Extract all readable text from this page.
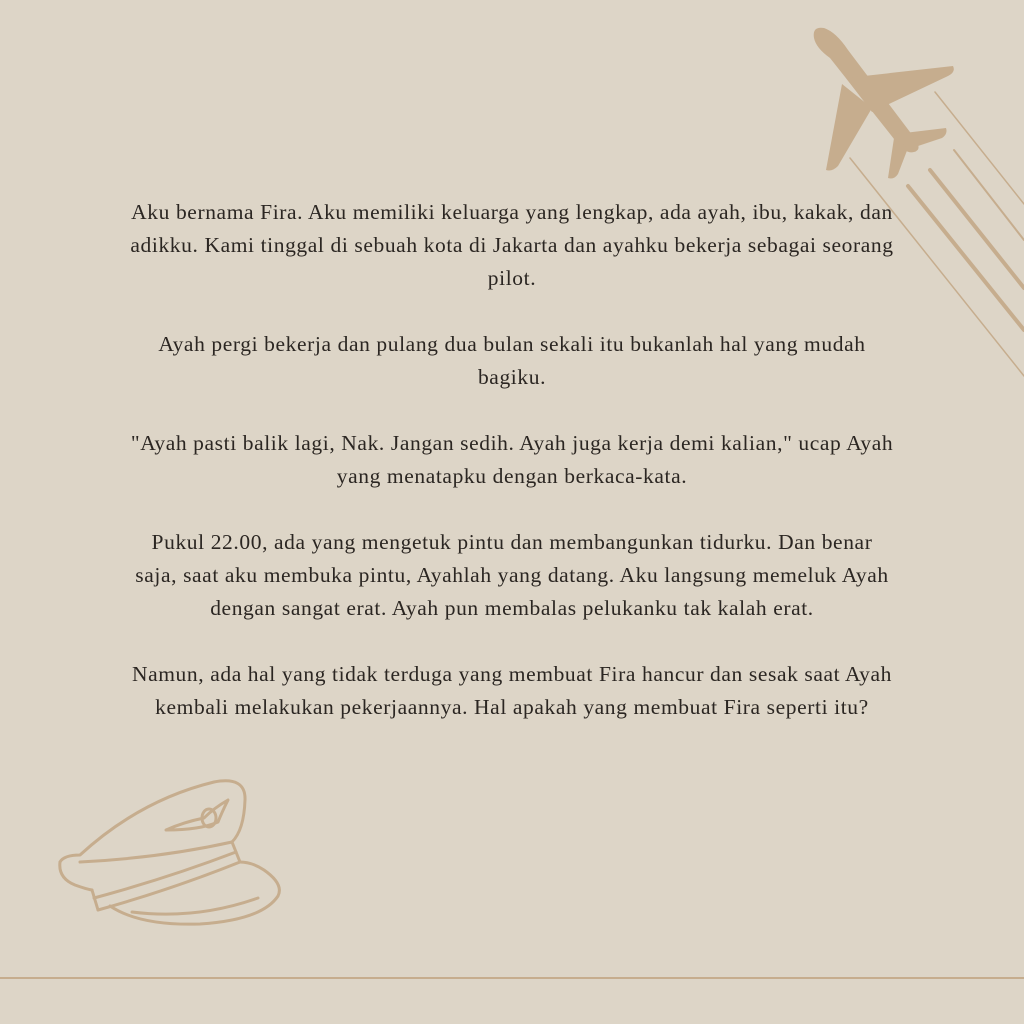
Aku bernama Fira. Aku memiliki keluarga yang lengkap, ada ayah, ibu, kakak, dan adikku. Kami tinggal di sebuah kota di Jakarta dan ayahku bekerja sebagai seorang pilot.

Ayah pergi bekerja dan pulang dua bulan sekali itu bukanlah hal yang mudah bagiku.

"Ayah pasti balik lagi, Nak. Jangan sedih. Ayah juga kerja demi kalian," ucap Ayah yang menatapku dengan berkaca-kata.

Pukul 22.00, ada yang mengetuk pintu dan membangunkan tidurku. Dan benar saja, saat aku membuka pintu, Ayahlah yang datang. Aku langsung memeluk Ayah dengan sangat erat. Ayah pun membalas pelukanku tak kalah erat.

Namun, ada hal yang tidak terduga yang membuat Fira hancur dan sesak saat Ayah kembali melakukan pekerjaannya. Hal apakah yang membuat Fira seperti itu?
